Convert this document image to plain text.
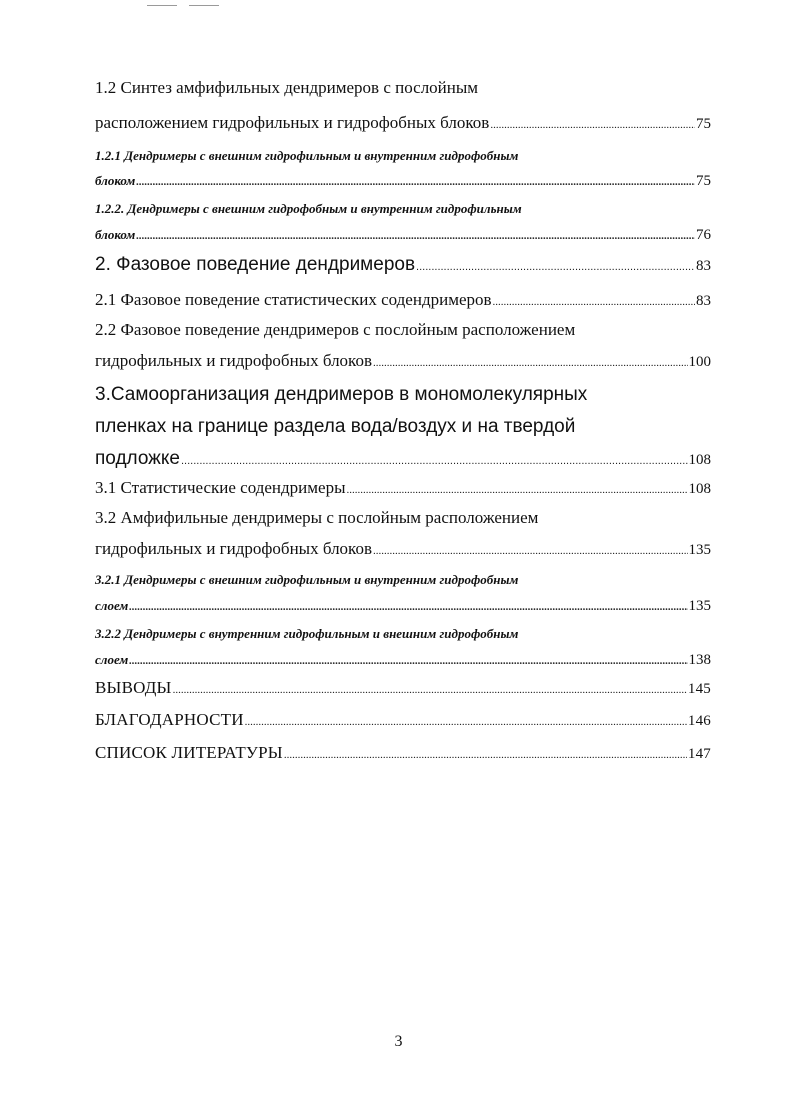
1.2 Синтез амфифильных дендримеров с послойным
расположением гидрофильных и гидрофобных блоков .....	75
1.2.1 Дендримеры с внешним гидрофильным и внутренним гидрофобным
блоком .....	75
1.2.2. Дендримеры с внешним гидрофобным и внутренним гидрофильным
блоком .....	76
2. Фазовое поведение дендримеров .....	83
2.1 Фазовое поведение статистических содендримеров .....	83
2.2 Фазовое поведение дендримеров с послойным расположением
гидрофильных и гидрофобных блоков .....	100
3.Самоорганизация дендримеров в мономолекулярных
пленках на границе раздела вода/воздух и на твердой
подложке .....	108
3.1 Статистические содендримеры .....	108
3.2 Амфифильные дендримеры с послойным расположением
гидрофильных и гидрофобных блоков .....	135
3.2.1 Дендримеры с внешним гидрофильным и внутренним гидрофобным
слоем .....	135
3.2.2 Дендримеры с внутренним гидрофильным и внешним гидрофобным
слоем .....	138
ВЫВОДЫ .....	145
БЛАГОДАРНОСТИ .....	146
СПИСОК ЛИТЕРАТУРЫ .....	147
3
